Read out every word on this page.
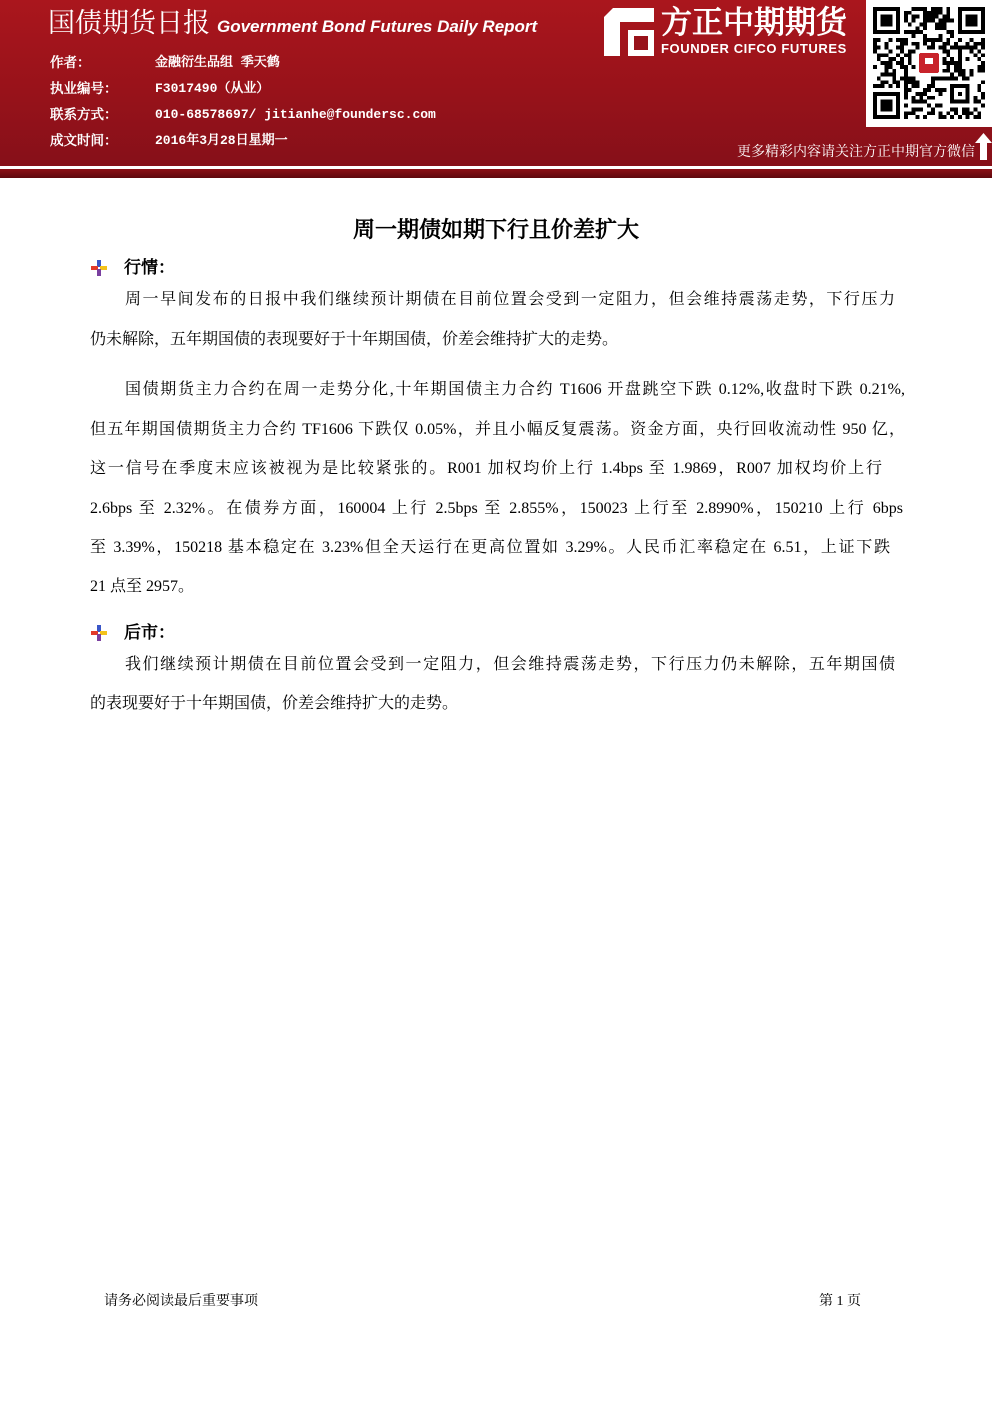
国债期货日报 Government Bond Futures Daily Report
作者：	金融衍生品组 季天鹤
执业编号：	F3017490（从业）
联系方式：	010-68578697/ jitianhe@foundersc.com
成文时间：	2016年3月28日星期一
方正中期期货
FOUNDER CIFCO FUTURES
更多精彩内容请关注方正中期官方微信
周一期债如期下行且价差扩大
行情：
周一早间发布的日报中我们继续预计期债在目前位置会受到一定阻力，但会维持震荡走势，下行压力
仍未解除，五年期国债的表现要好于十年期国债，价差会维持扩大的走势。
国债期货主力合约在周一走势分化,十年期国债主力合约 T1606 开盘跳空下跌 0.12%,收盘时下跌 0.21%,
但五年期国债期货主力合约 TF1606 下跌仅 0.05%，并且小幅反复震荡。资金方面，央行回收流动性 950 亿，
这一信号在季度末应该被视为是比较紧张的。R001 加权均价上行 1.4bps 至 1.9869，R007 加权均价上行
2.6bps 至 2.32%。在债券方面，160004 上行 2.5bps 至 2.855%，150023 上行至 2.8990%，150210 上行 6bps
至 3.39%，150218 基本稳定在 3.23%但全天运行在更高位置如 3.29%。人民币汇率稳定在 6.51，上证下跌
21 点至 2957。
后市：
我们继续预计期债在目前位置会受到一定阻力，但会维持震荡走势，下行压力仍未解除，五年期国债
的表现要好于十年期国债，价差会维持扩大的走势。
请务必阅读最后重要事项	第 1 页
